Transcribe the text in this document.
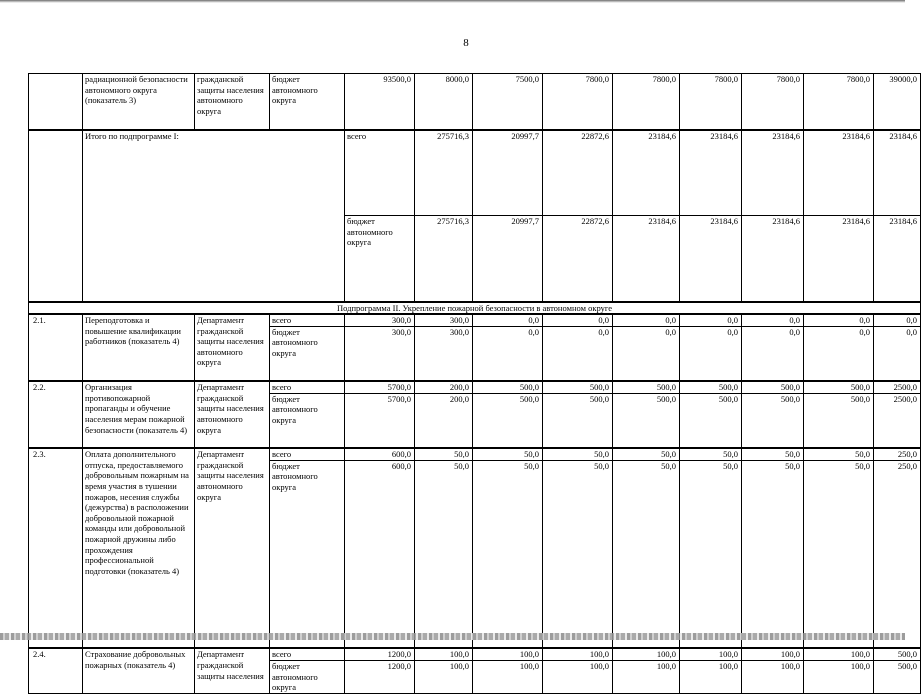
8
	радиационной безопасности автономного округа (показатель 3)	гражданской защиты населения автономного округа	бюджет автономного округа	93500,0	8000,0	7500,0	7800,0	7800,0	7800,0	7800,0	7800,0	39000,0	
	Итого по подпрограмме I:			всего	275716,3	20997,7	22872,6	23184,6	23184,6	23184,6	23184,6	23184,6	
				бюджет автономного округа	275716,3	20997,7	22872,6	23184,6	23184,6	23184,6	23184,6	23184,6	
Подпрограмма II. Укрепление пожарной безопасности в автономном округе													
2.1.	Переподготовка и повышение квалификации работников (показатель 4)	Департамент гражданской защиты населения автономного округа	всего	300,0	300,0	0,0	0,0	0,0	0,0	0,0	0,0	0,0	
			бюджет автономного округа	300,0	300,0	0,0	0,0	0,0	0,0	0,0	0,0	0,0	
2.2.	Организация противопожарной пропаганды и обучение населения мерам пожарной безопасности (показатель 4)	Департамент гражданской защиты населения автономного округа	всего	5700,0	200,0	500,0	500,0	500,0	500,0	500,0	500,0	2500,0	
			бюджет автономного округа	5700,0	200,0	500,0	500,0	500,0	500,0	500,0	500,0	2500,0	
2.3.	Оплата дополнительного отпуска, предоставляемого добровольным пожарным на время участия в тушении пожаров, несения службы (дежурства) в расположении добровольной пожарной команды или добровольной пожарной дружины либо прохождения профессиональной подготовки (показатель 4)	Департамент гражданской защиты населения автономного округа	всего	600,0	50,0	50,0	50,0	50,0	50,0	50,0	50,0	250,0	
			бюджет автономного округа	600,0	50,0	50,0	50,0	50,0	50,0	50,0	50,0	250,0	
2.4.	Страхование добровольных пожарных (показатель 4)	Департамент гражданской защиты населения	всего	1200,0	100,0	100,0	100,0	100,0	100,0	100,0	100,0	500,0	
			бюджет автономного округа	1200,0	100,0	100,0	100,0	100,0	100,0	100,0	100,0	500,0	
